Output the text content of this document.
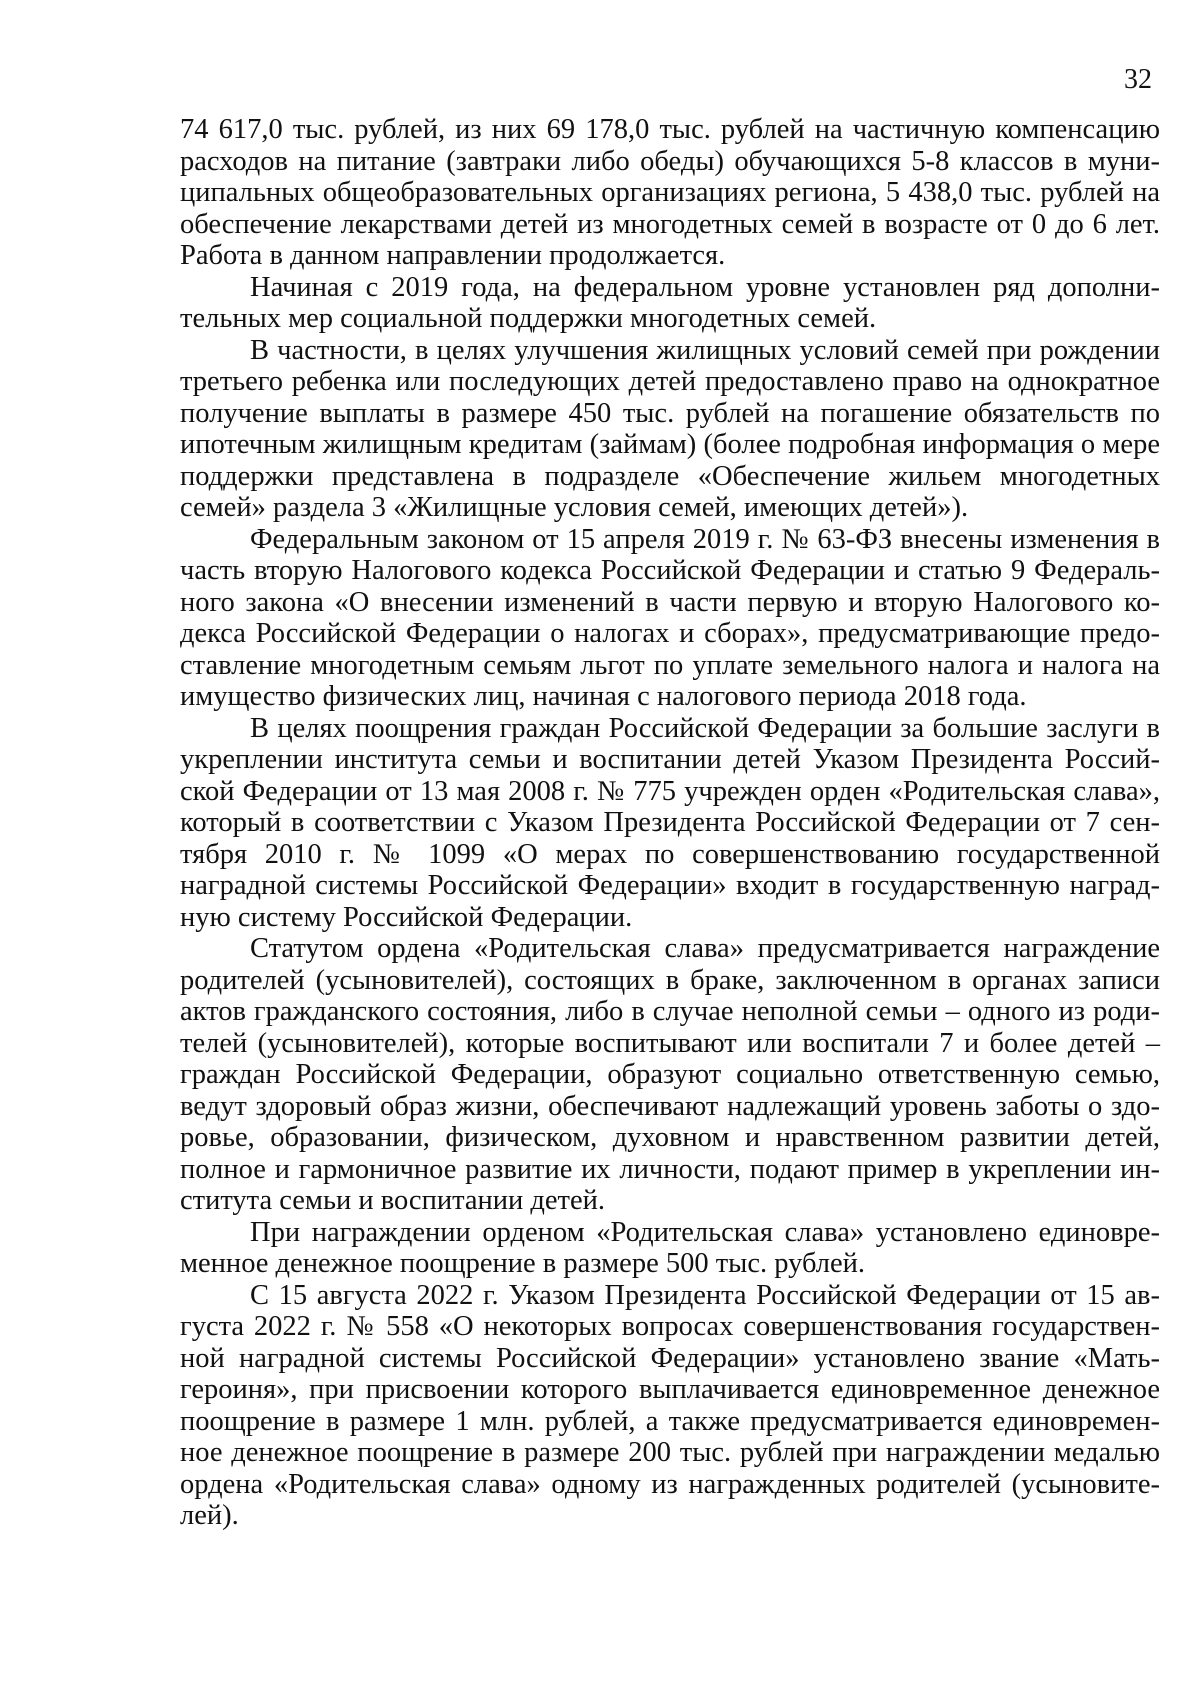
32

74 617,0 тыс. рублей, из них 69 178,0 тыс. рублей на частичную компенсацию расходов на питание (завтраки либо обеды) обучающихся 5-8 классов в муниципальных общеобразовательных организациях региона, 5 438,0 тыс. рублей на обеспечение лекарствами детей из многодетных семей в возрасте от 0 до 6 лет. Работа в данном направлении продолжается.

Начиная с 2019 года, на федеральном уровне установлен ряд дополнительных мер социальной поддержки многодетных семей.

В частности, в целях улучшения жилищных условий семей при рождении третьего ребенка или последующих детей предоставлено право на однократное получение выплаты в размере 450 тыс. рублей на погашение обязательств по ипотечным жилищным кредитам (займам) (более подробная информация о мере поддержки представлена в подразделе «Обеспечение жильем многодетных семей» раздела 3 «Жилищные условия семей, имеющих детей»).

Федеральным законом от 15 апреля 2019 г. № 63-ФЗ внесены изменения в часть вторую Налогового кодекса Российской Федерации и статью 9 Федерального закона «О внесении изменений в части первую и вторую Налогового кодекса Российской Федерации о налогах и сборах», предусматривающие предоставление многодетным семьям льгот по уплате земельного налога и налога на имущество физических лиц, начиная с налогового периода 2018 года.

В целях поощрения граждан Российской Федерации за большие заслуги в укреплении института семьи и воспитании детей Указом Президента Российской Федерации от 13 мая 2008 г. № 775 учрежден орден «Родительская слава», который в соответствии с Указом Президента Российской Федерации от 7 сентября 2010 г. № 1099 «О мерах по совершенствованию государственной наградной системы Российской Федерации» входит в государственную наградную систему Российской Федерации.

Статутом ордена «Родительская слава» предусматривается награждение родителей (усыновителей), состоящих в браке, заключенном в органах записи актов гражданского состояния, либо в случае неполной семьи – одного из родителей (усыновителей), которые воспитывают или воспитали 7 и более детей – граждан Российской Федерации, образуют социально ответственную семью, ведут здоровый образ жизни, обеспечивают надлежащий уровень заботы о здоровье, образовании, физическом, духовном и нравственном развитии детей, полное и гармоничное развитие их личности, подают пример в укреплении института семьи и воспитании детей.

При награждении орденом «Родительская слава» установлено единовременное денежное поощрение в размере 500 тыс. рублей.

С 15 августа 2022 г. Указом Президента Российской Федерации от 15 августа 2022 г. № 558 «О некоторых вопросах совершенствования государственной наградной системы Российской Федерации» установлено звание «Мать-героиня», при присвоении которого выплачивается единовременное денежное поощрение в размере 1 млн. рублей, а также предусматривается единовременное денежное поощрение в размере 200 тыс. рублей при награждении медалью ордена «Родительская слава» одному из награжденных родителей (усыновителей).
